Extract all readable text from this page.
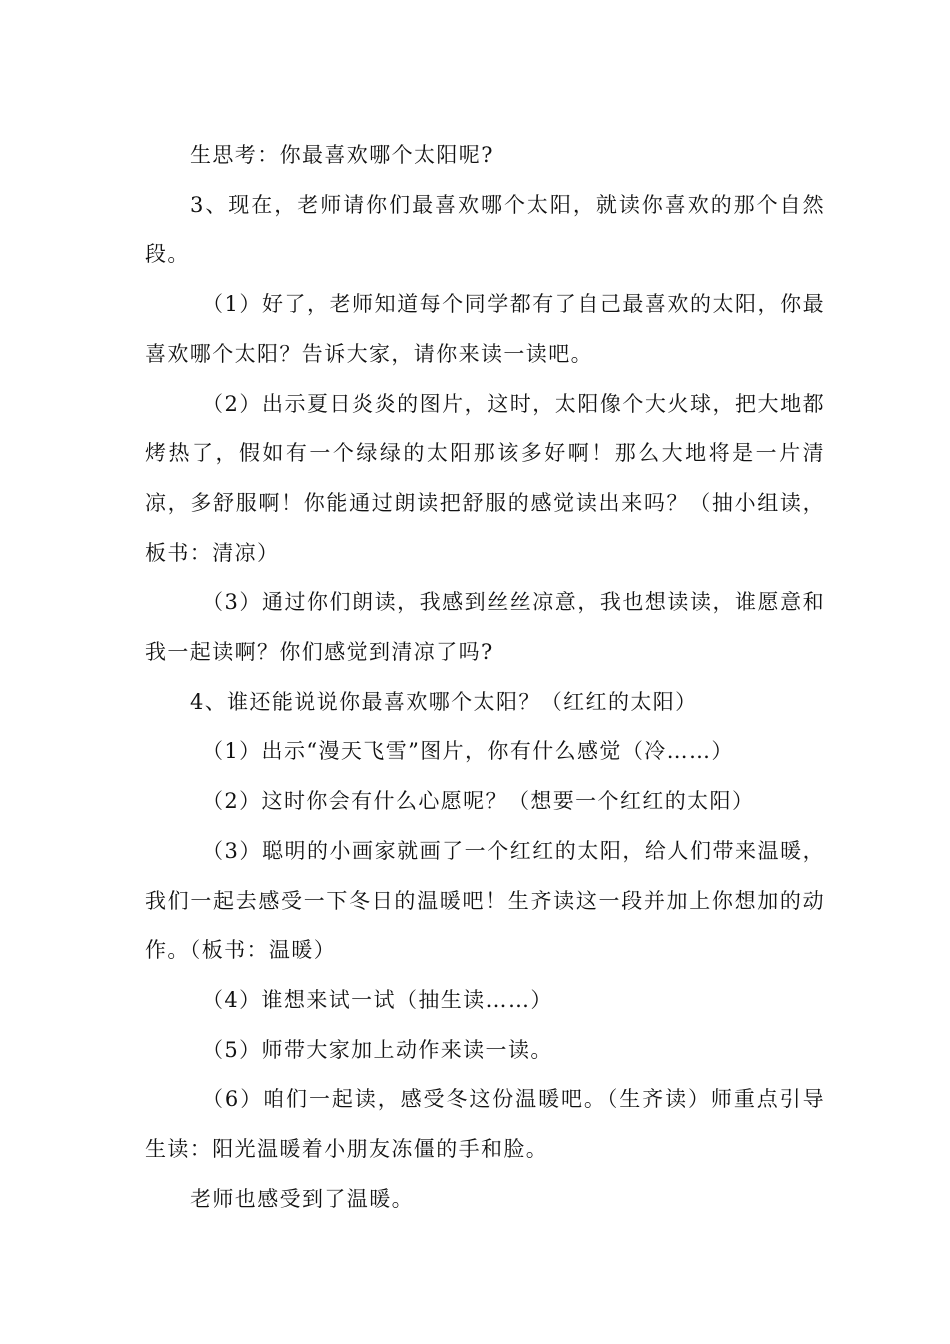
生思考：你最喜欢哪个太阳呢?

3、现在，老师请你们最喜欢哪个太阳，就读你喜欢的那个自然段。

（1）好了，老师知道每个同学都有了自己最喜欢的太阳，你最喜欢哪个太阳？告诉大家，请你来读一读吧。

（2）出示夏日炎炎的图片，这时，太阳像个大火球，把大地都烤热了，假如有一个绿绿的太阳那该多好啊！那么大地将是一片清凉，多舒服啊！你能通过朗读把舒服的感觉读出来吗？（抽小组读，板书：清凉）

（3）通过你们朗读，我感到丝丝凉意，我也想读读，谁愿意和我一起读啊？你们感觉到清凉了吗?

4、谁还能说说你最喜欢哪个太阳？（红红的太阳）

（1）出示“漫天飞雪”图片，你有什么感觉（冷……）

（2）这时你会有什么心愿呢？（想要一个红红的太阳）

（3）聪明的小画家就画了一个红红的太阳，给人们带来温暖，我们一起去感受一下冬日的温暖吧！生齐读这一段并加上你想加的动作。（板书：温暖）

（4）谁想来试一试（抽生读……）

（5）师带大家加上动作来读一读。

（6）咱们一起读，感受冬这份温暖吧。（生齐读）师重点引导生读：阳光温暖着小朋友冻僵的手和脸。

老师也感受到了温暖。
